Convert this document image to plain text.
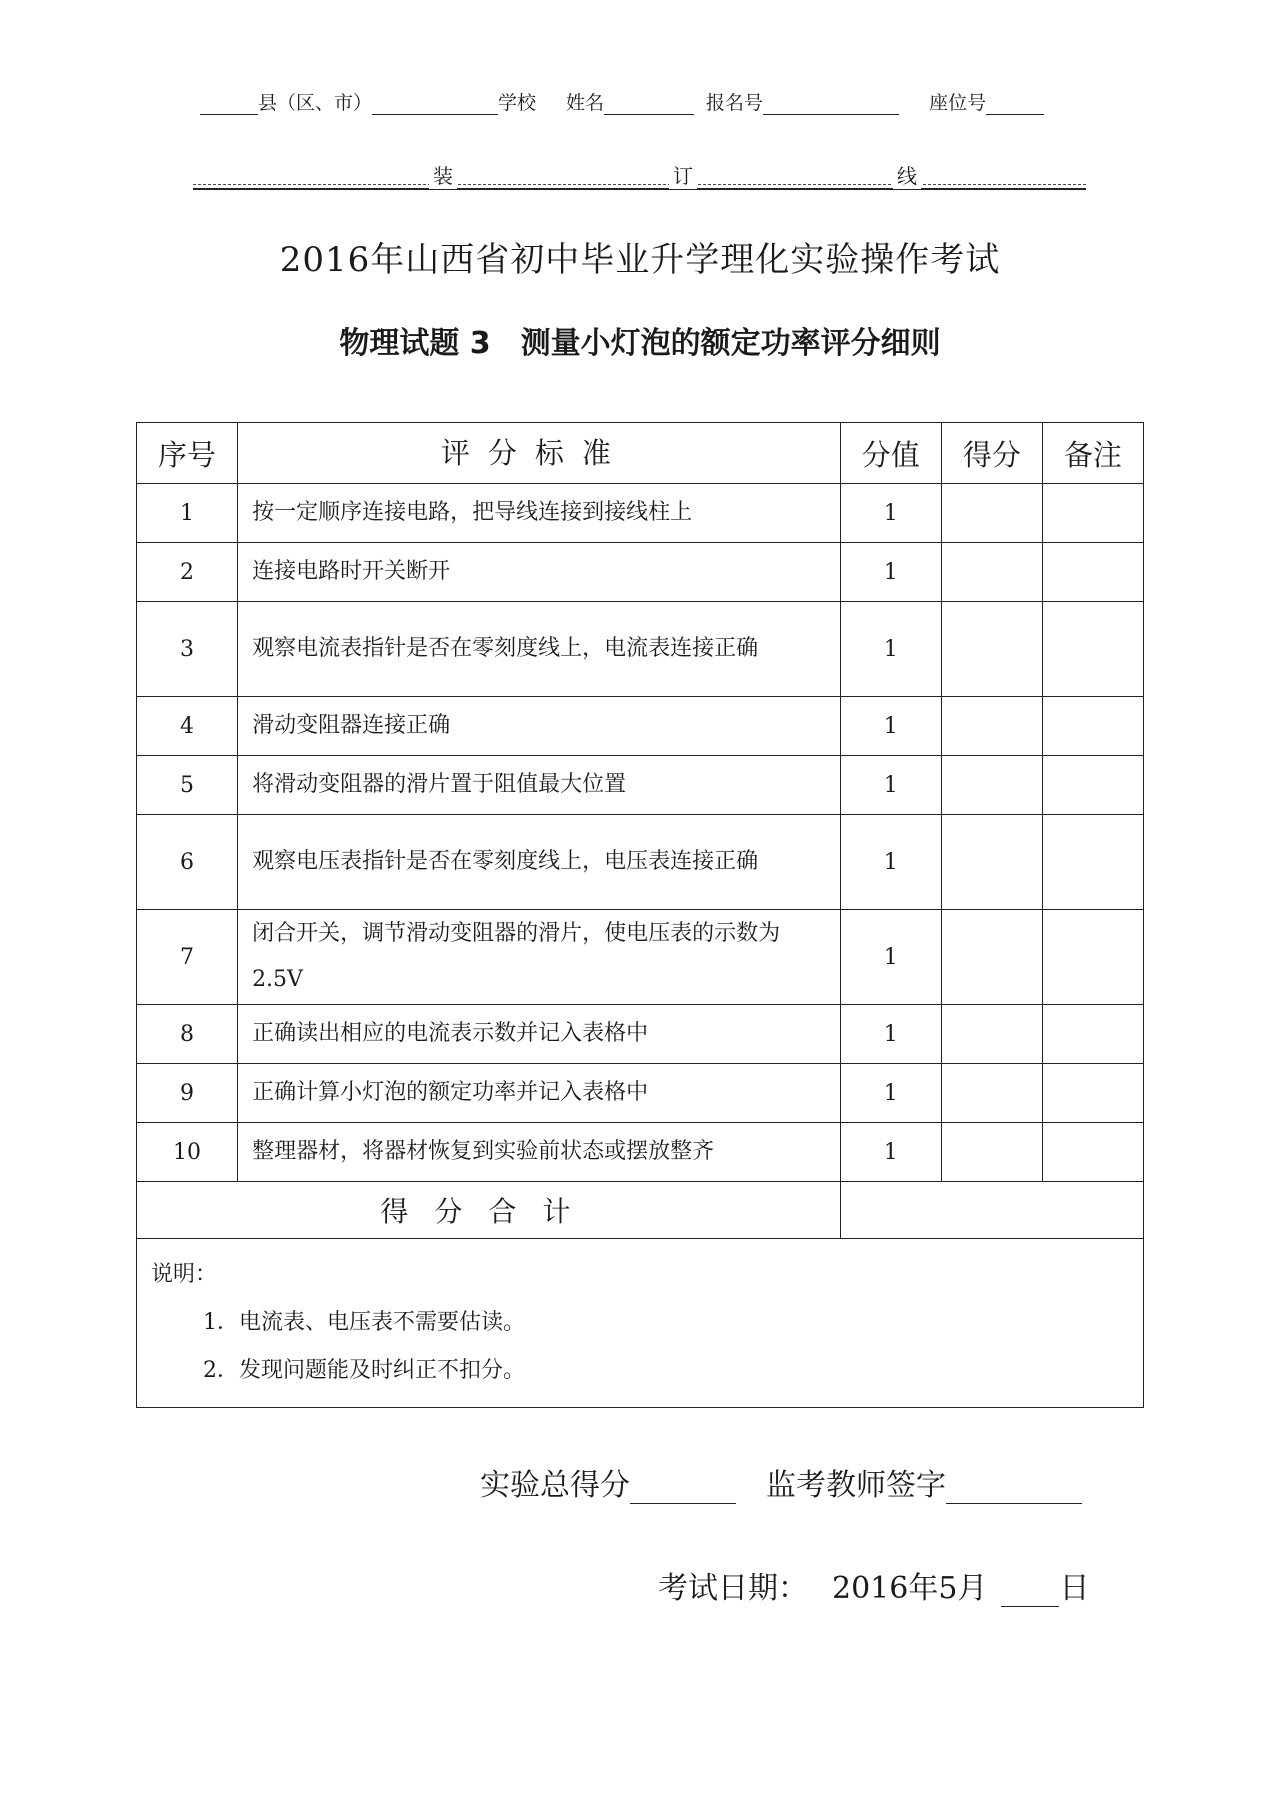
县（区、市）	学校 姓名	报名号	座位号
装	订	线
2016年山西省初中毕业升学理化实验操作考试
物理试题 3　测量小灯泡的额定功率评分细则
序号	评分标准	分值	得分	备注
1	按一定顺序连接电路，把导线连接到接线柱上	1		
2	连接电路时开关断开	1		
3	观察电流表指针是否在零刻度线上，电流表连接正确	1		
4	滑动变阻器连接正确	1		
5	将滑动变阻器的滑片置于阻值最大位置	1		
6	观察电压表指针是否在零刻度线上，电压表连接正确	1		
7	闭合开关，调节滑动变阻器的滑片，使电压表的示数为 2.5V	1		
8	正确读出相应的电流表示数并记入表格中	1		
9	正确计算小灯泡的额定功率并记入表格中	1		
10	整理器材，将器材恢复到实验前状态或摆放整齐	1		
得分合计				

说明：
1．电流表、电压表不需要估读。
2．发现问题能及时纠正不扣分。				
实验总得分	监考教师签字
考试日期： 2016年5月 日
